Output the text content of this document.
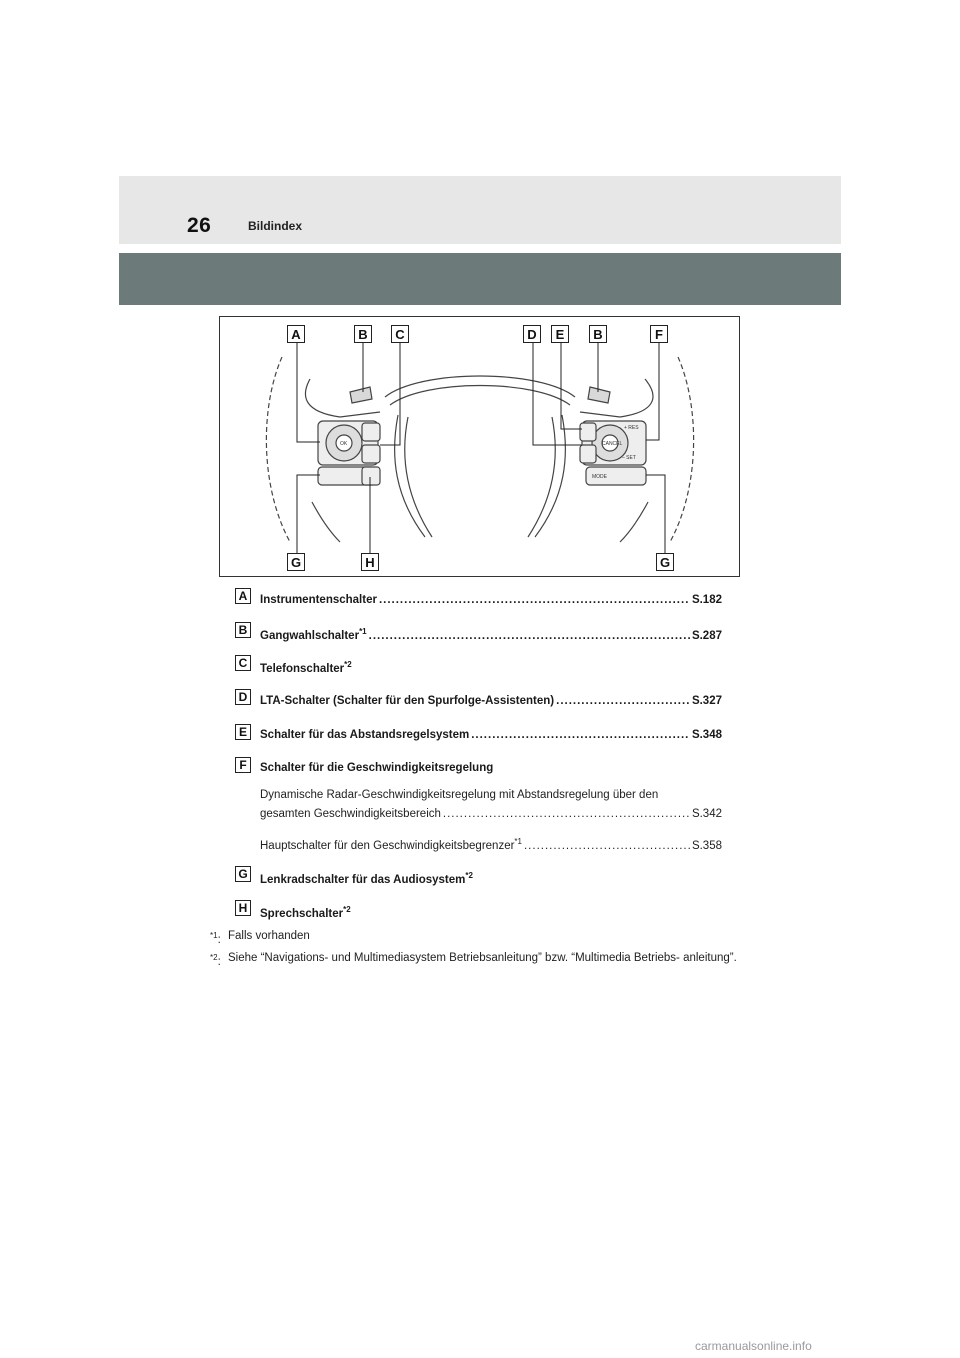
26	Bildindex
OK
+ RES
CANCEL
– SET
MODE
A	B	C	D	E	B	F
G	H	G
A	Instrumentenschalter .....	S.182
B	Gangwahlschalter$^{*1}$ .....	S.287
C	Telefonschalter$^{*2}$
D	LTA-Schalter (Schalter für den Spurfolge-Assistenten) .....	S.327
E	Schalter für das Abstandsregelsystem .....	S.348
F	Schalter für die Geschwindigkeitsregelung
Dynamische Radar-Geschwindigkeitsregelung mit Abstandsregelung über den
gesamten Geschwindigkeitsbereich .....	S.342
Hauptschalter für den Geschwindigkeitsbegrenzer$^{*1}$ .....	S.358
G Lenkradschalter für das Audiosystem$^{*2}$
H	Sprechschalter$^{*2}$
$^{*1}$: Falls vorhanden
$^{*2}$: Siehe “Navigations- und Multimediasystem Betriebsanleitung” bzw. “Multimedia Betriebs- anleitung”.
carmanualsonline.info
